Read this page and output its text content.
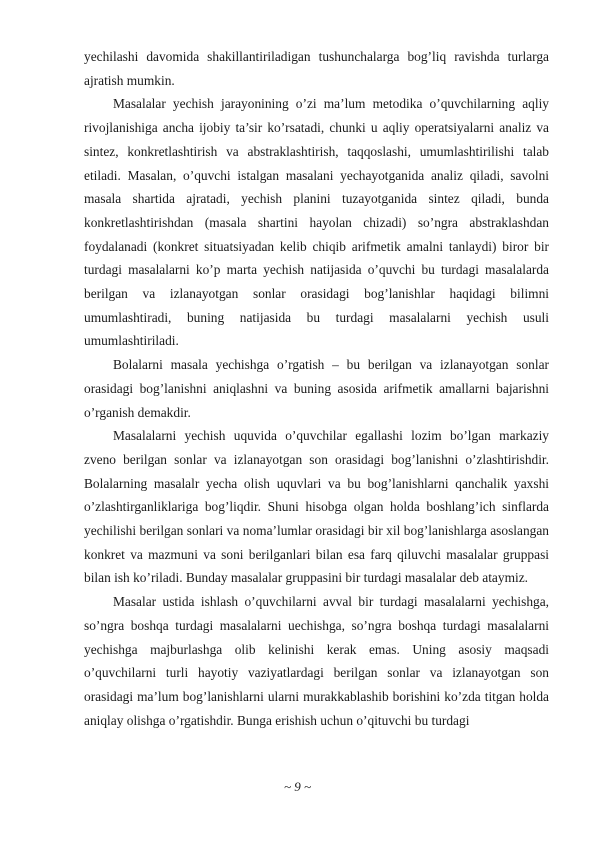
yechilashi davomida shakillantiriladigan tushunchalarga bog’liq ravishda turlarga ajratish mumkin.

Masalalar yechish jarayonining o’zi ma’lum metodika o’quvchilarning aqliy rivojlanishiga ancha ijobiy ta’sir ko’rsatadi, chunki u aqliy operatsiyalarni analiz va sintez, konkretlashtirish va abstraklashtirish, taqqoslashi, umumlashtirilishi talab etiladi. Masalan, o’quvchi istalgan masalani yechayotganida analiz qiladi, savolni masala shartida ajratadi, yechish planini tuzayotganida sintez qiladi, bunda konkretlashtirishdan (masala shartini hayolan chizadi) so’ngra abstraklashdan foydalanadi (konkret situatsiyadan kelib chiqib arifmetik amalni tanlaydi) biror bir turdagi masalalarni ko’p marta yechish natijasida o’quvchi bu turdagi masalalarda berilgan va izlanayotgan sonlar orasidagi bog’lanishlar haqidagi bilimni umumlashtiradi, buning natijasida bu turdagi masalalarni yechish usuli umumlashtiriladi.

Bolalarni masala yechishga o’rgatish – bu berilgan va izlanayotgan sonlar orasidagi bog’lanishni aniqlashni va buning asosida arifmetik amallarni bajarishni o’rganish demakdir.

Masalalarni yechish uquvida o’quvchilar egallashi lozim bo’lgan markaziy zveno berilgan sonlar va izlanayotgan son orasidagi bog’lanishni o’zlashtirishdir. Bolalarning masalalr yecha olish uquvlari va bu bog’lanishlarni qanchalik yaxshi o’zlashtirganliklariga bog’liqdir. Shuni hisobga olgan holda boshlang’ich sinflarda yechilishi berilgan sonlari va noma’lumlar orasidagi bir xil bog’lanishlarga asoslangan konkret va mazmuni va soni berilganlari bilan esa farq qiluvchi masalalar gruppasi bilan ish ko’riladi. Bunday masalalar gruppasini bir turdagi masalalar deb ataymiz.

Masalar ustida ishlash o’quvchilarni avval bir turdagi masalalarni yechishga, so’ngra boshqa turdagi masalalarni uechishga, so’ngra boshqa turdagi masalalarni yechishga majburlashga olib kelinishi kerak emas. Uning asosiy maqsadi o’quvchilarni turli hayotiy vaziyatlardagi berilgan sonlar va izlanayotgan son orasidagi ma’lum bog’lanishlarni ularni murakkablashib borishini ko’zda titgan holda aniqlay olishga o’rgatishdir. Bunga erishish uchun o’qituvchi bu turdagi

~ 9 ~
